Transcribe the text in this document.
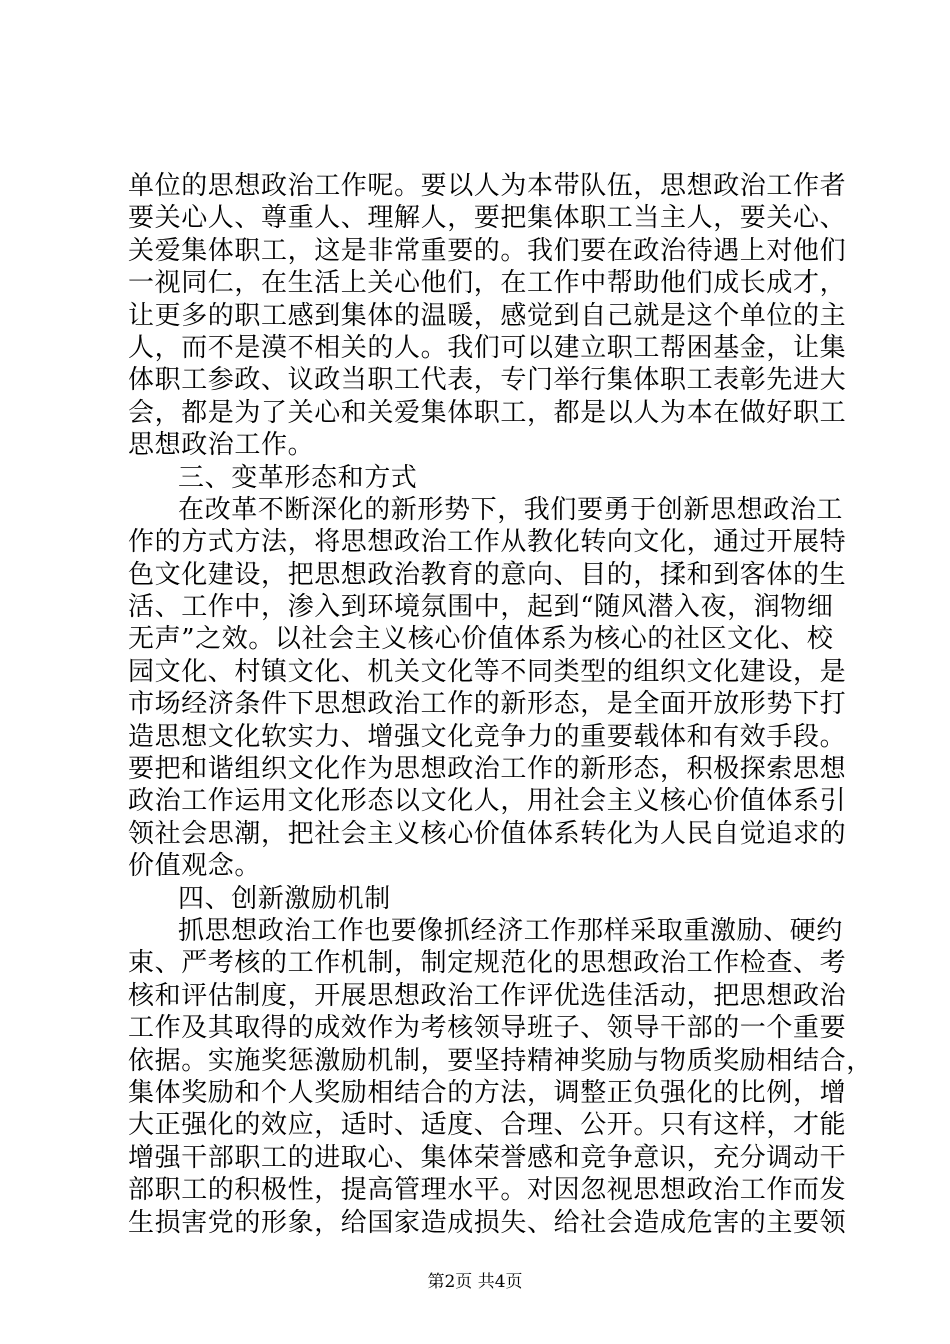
单位的思想政治工作呢。要以人为本带队伍，思想政治工作者
要关心人、尊重人、理解人，要把集体职工当主人，要关心、
关爱集体职工，这是非常重要的。我们要在政治待遇上对他们
一视同仁，在生活上关心他们，在工作中帮助他们成长成才，
让更多的职工感到集体的温暖，感觉到自己就是这个单位的主
人，而不是漠不相关的人。我们可以建立职工帮困基金，让集
体职工参政、议政当职工代表，专门举行集体职工表彰先进大
会，都是为了关心和关爱集体职工，都是以人为本在做好职工
思想政治工作。
三、变革形态和方式
在改革不断深化的新形势下，我们要勇于创新思想政治工
作的方式方法，将思想政治工作从教化转向文化，通过开展特
色文化建设，把思想政治教育的意向、目的，揉和到客体的生
活、工作中，渗入到环境氛围中，起到“随风潜入夜，润物细
无声”之效。以社会主义核心价值体系为核心的社区文化、校
园文化、村镇文化、机关文化等不同类型的组织文化建设，是
市场经济条件下思想政治工作的新形态，是全面开放形势下打
造思想文化软实力、增强文化竞争力的重要载体和有效手段。
要把和谐组织文化作为思想政治工作的新形态，积极探索思想
政治工作运用文化形态以文化人，用社会主义核心价值体系引
领社会思潮，把社会主义核心价值体系转化为人民自觉追求的
价值观念。
四、创新激励机制
抓思想政治工作也要像抓经济工作那样采取重激励、硬约
束、严考核的工作机制，制定规范化的思想政治工作检查、考
核和评估制度，开展思想政治工作评优选佳活动，把思想政治
工作及其取得的成效作为考核领导班子、领导干部的一个重要
依据。实施奖惩激励机制，要坚持精神奖励与物质奖励相结合，
集体奖励和个人奖励相结合的方法，调整正负强化的比例，增
大正强化的效应，适时、适度、合理、公开。只有这样，才能
增强干部职工的进取心、集体荣誉感和竞争意识，充分调动干
部职工的积极性，提高管理水平。对因忽视思想政治工作而发
生损害党的形象，给国家造成损失、给社会造成危害的主要领
第2页 共4页
